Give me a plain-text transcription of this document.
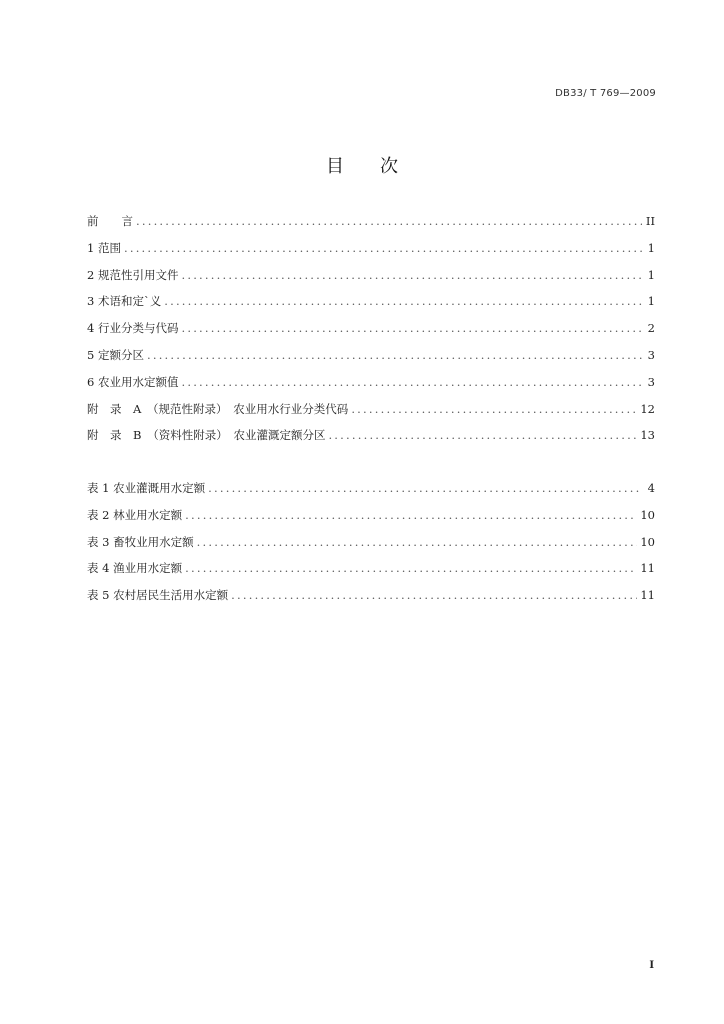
DB33/ T 769—2009
目次
前　　言 .....	II
1 范围 .....	1
2 规范性引用文件 .....	1
3 术语和定`义 .....	1
4 行业分类与代码 .....	2
5 定额分区 .....	3
6 农业用水定额值 .....	3
附　录　A　（规范性附录）　农业用水行业分类代码 .....	12
附　录　B　（资料性附录）　农业灌溉定额分区 .....	13
表 1 农业灌溉用水定额 .....	4
表 2 林业用水定额 .....	10
表 3 畜牧业用水定额 .....	10
表 4 渔业用水定额 .....	11
表 5 农村居民生活用水定额 .....	11
I
